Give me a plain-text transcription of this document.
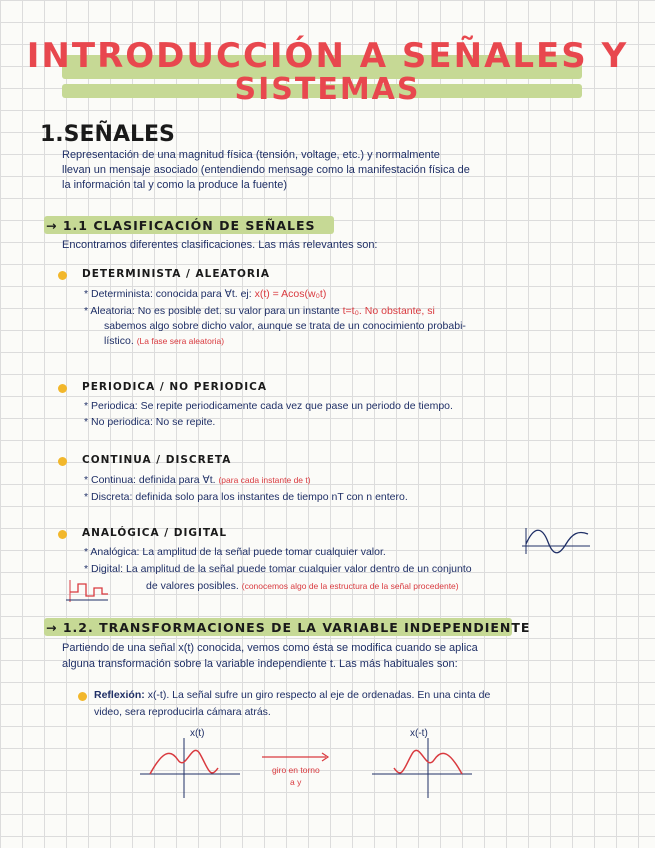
INTRODUCCIÓN A SEÑALES Y
SISTEMAS
1.SEÑALES
Representación de una magnitud física (tensión, voltage, etc.) y normalmente
llevan un mensaje asociado (entendiendo mensage como la manifestación física de
la información tal y como la produce la fuente)
→ 1.1 CLASIFICACIÓN DE SEÑALES
Encontramos diferentes clasificaciones. Las más relevantes son:
DETERMINISTA / ALEATORIA
* Determinista: conocida para ∀t. ej: x(t) = Acos(w₀t)
* Aleatoria: No es posible det. su valor para un instante t=t₀. No obstante, si
sabemos algo sobre dicho valor, aunque se trata de un conocimiento probabi-
lístico. (La fase sera aleatoria)
PERIODICA / NO PERIODICA
* Periodica: Se repite periodicamente cada vez que pase un periodo de tiempo.
* No periodica: No se repite.
CONTINUA / DISCRETA
* Continua: definida para ∀t. (para cada instante de t)
* Discreta: definida solo para los instantes de tiempo nT con n entero.
ANALÓGICA / DIGITAL
* Analógica: La amplitud de la señal puede tomar cualquier valor.
* Digital: La amplitud de la señal puede tomar cualquier valor dentro de un conjunto
de valores posibles. (conocemos algo de la estructura de la señal procedente)
→ 1.2. TRANSFORMACIONES DE LA VARIABLE INDEPENDIENTE
Partiendo de una señal x(t) conocida, vemos como ésta se modifica cuando se aplica
alguna transformación sobre la variable independiente t. Las más habituales son:
Reflexión: x(-t). La señal sufre un giro respecto al eje de ordenadas. En una cinta de
video, sera reproducirla cámara atrás.
x(t)	x(-t)
giro en torno
a y
